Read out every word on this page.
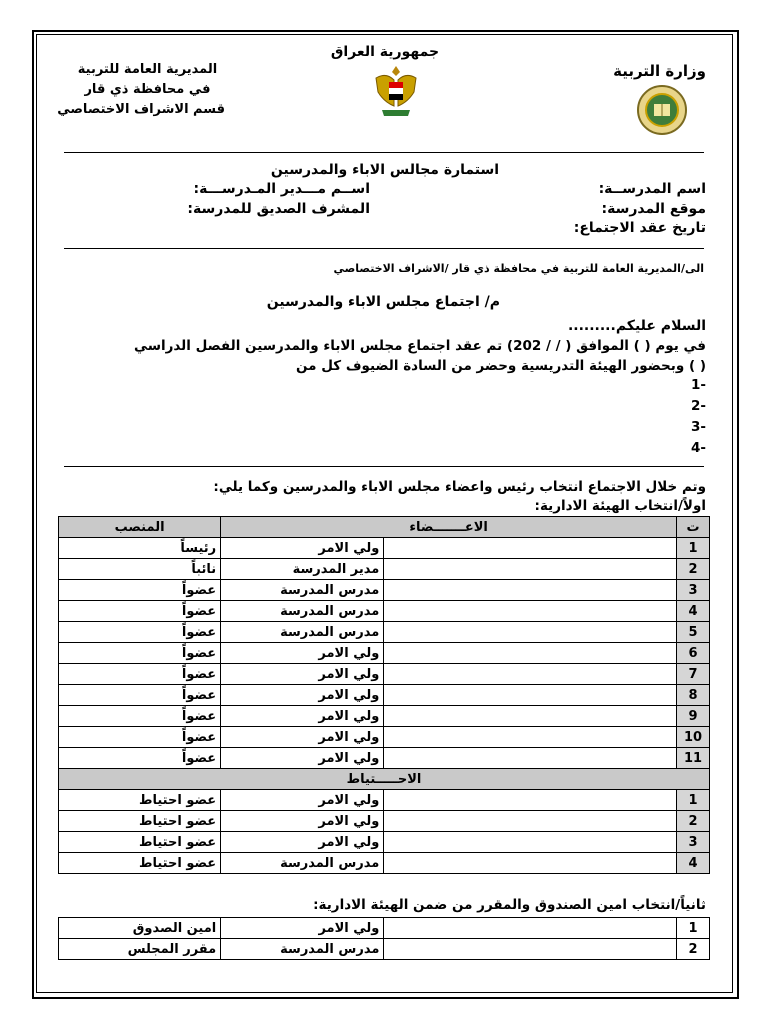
جمهورية العراق
وزارة التربية
المديرية العامة للتربية
في محافظة ذي قار
قسم الاشراف الاختصاصي
استمارة مجالس الاباء والمدرسين
اسم المدرســة:
موقع المدرسة:
تاريخ عقد الاجتماع:
اســم مـــدير المـدرســـة:
المشرف الصديق للمدرسة:
الى/المديرية العامة للتربية في محافظة ذي قار /الاشراف الاختصاصي
م/ اجتماع مجلس الاباء والمدرسين
السلام عليكم.........
في يوم ( ) الموافق ( / / 202) تم عقد اجتماع مجلس الاباء والمدرسين الفصل الدراسي
( ) وبحضور الهيئة التدريسية وحضر من السادة الضيوف كل من
-1
-2
-3
-4
وتم خلال الاجتماع انتخاب رئيس واعضاء مجلس الاباء والمدرسين وكما يلي:
اولاً/انتخاب الهيئة الادارية:
ت	الاعـــــــضاء		المنصب
1		ولي الامر	رئيساً
2		مدير المدرسة	نائباً
3		مدرس المدرسة	عضواً
4		مدرس المدرسة	عضواً
5		مدرس المدرسة	عضواً
6		ولي الامر	عضواً
7		ولي الامر	عضواً
8		ولي الامر	عضواً
9		ولي الامر	عضواً
10		ولي الامر	عضواً
11		ولي الامر	عضواً
الاحـــــتياط			
1		ولي الامر	عضو احتياط
2		ولي الامر	عضو احتياط
3		ولي الامر	عضو احتياط
4		مدرس المدرسة	عضو احتياط
ثانياً/انتخاب امين الصندوق والمقرر من ضمن الهيئة الادارية:
1		ولي الامر	امين الصدوق
2		مدرس المدرسة	مقرر المجلس
